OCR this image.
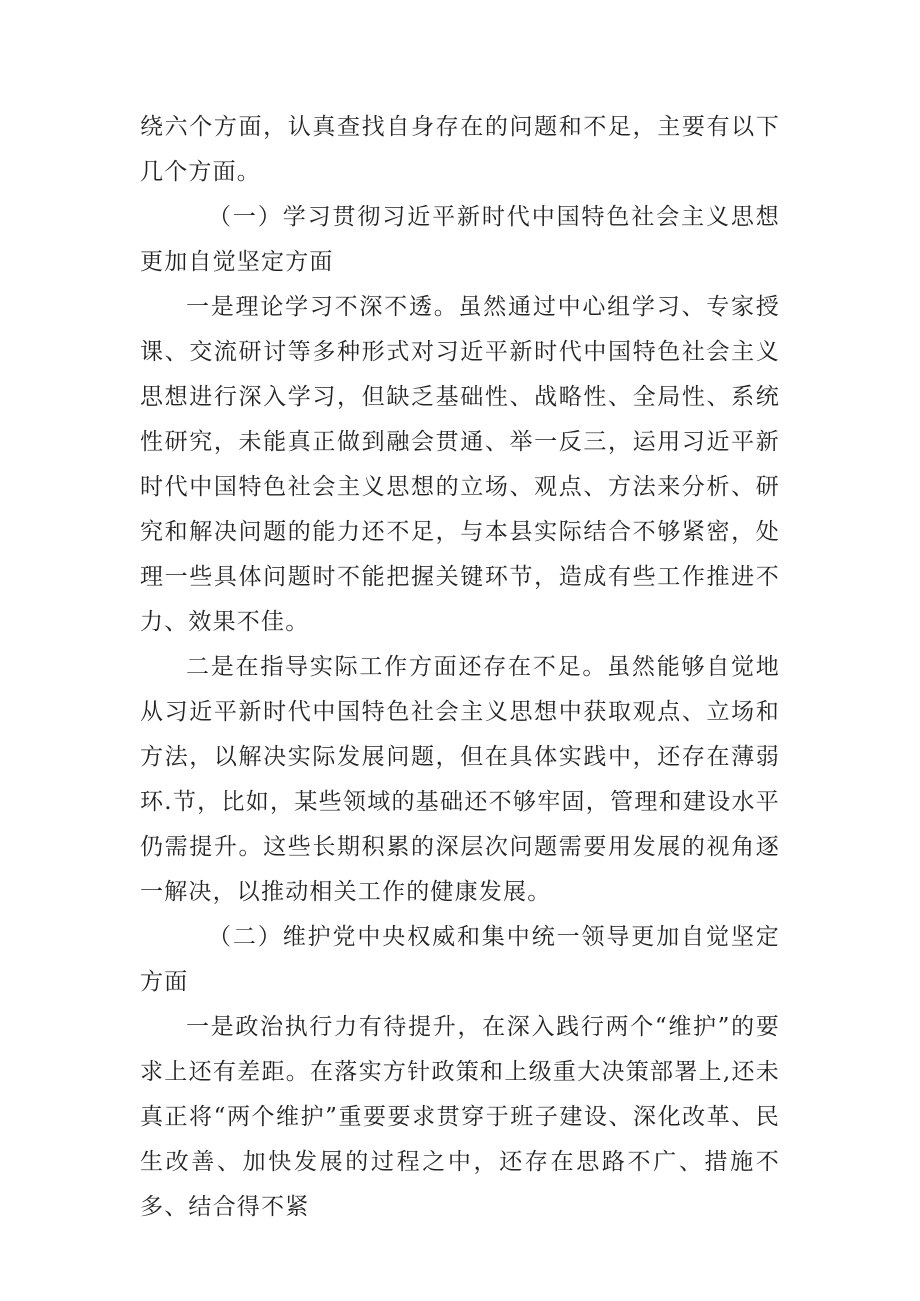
绕六个方面，认真查找自身存在的问题和不足，主要有以下几个方面。

（一）学习贯彻习近平新时代中国特色社会主义思想更加自觉坚定方面

一是理论学习不深不透。虽然通过中心组学习、专家授课、交流研讨等多种形式对习近平新时代中国特色社会主义思想进行深入学习，但缺乏基础性、战略性、全局性、系统性研究，未能真正做到融会贯通、举一反三，运用习近平新时代中国特色社会主义思想的立场、观点、方法来分析、研究和解决问题的能力还不足，与本县实际结合不够紧密，处理一些具体问题时不能把握关键环节，造成有些工作推进不力、效果不佳。

二是在指导实际工作方面还存在不足。虽然能够自觉地从习近平新时代中国特色社会主义思想中获取观点、立场和方法，以解决实际发展问题，但在具体实践中，还存在薄弱环.节，比如，某些领域的基础还不够牢固，管理和建设水平仍需提升。这些长期积累的深层次问题需要用发展的视角逐一解决，以推动相关工作的健康发展。

（二）维护党中央权威和集中统一领导更加自觉坚定方面

一是政治执行力有待提升，在深入践行两个“维护”的要求上还有差距。在落实方针政策和上级重大决策部署上,还未真正将“两个维护”重要要求贯穿于班子建设、深化改革、民生改善、加快发展的过程之中，还存在思路不广、措施不多、结合得不紧
